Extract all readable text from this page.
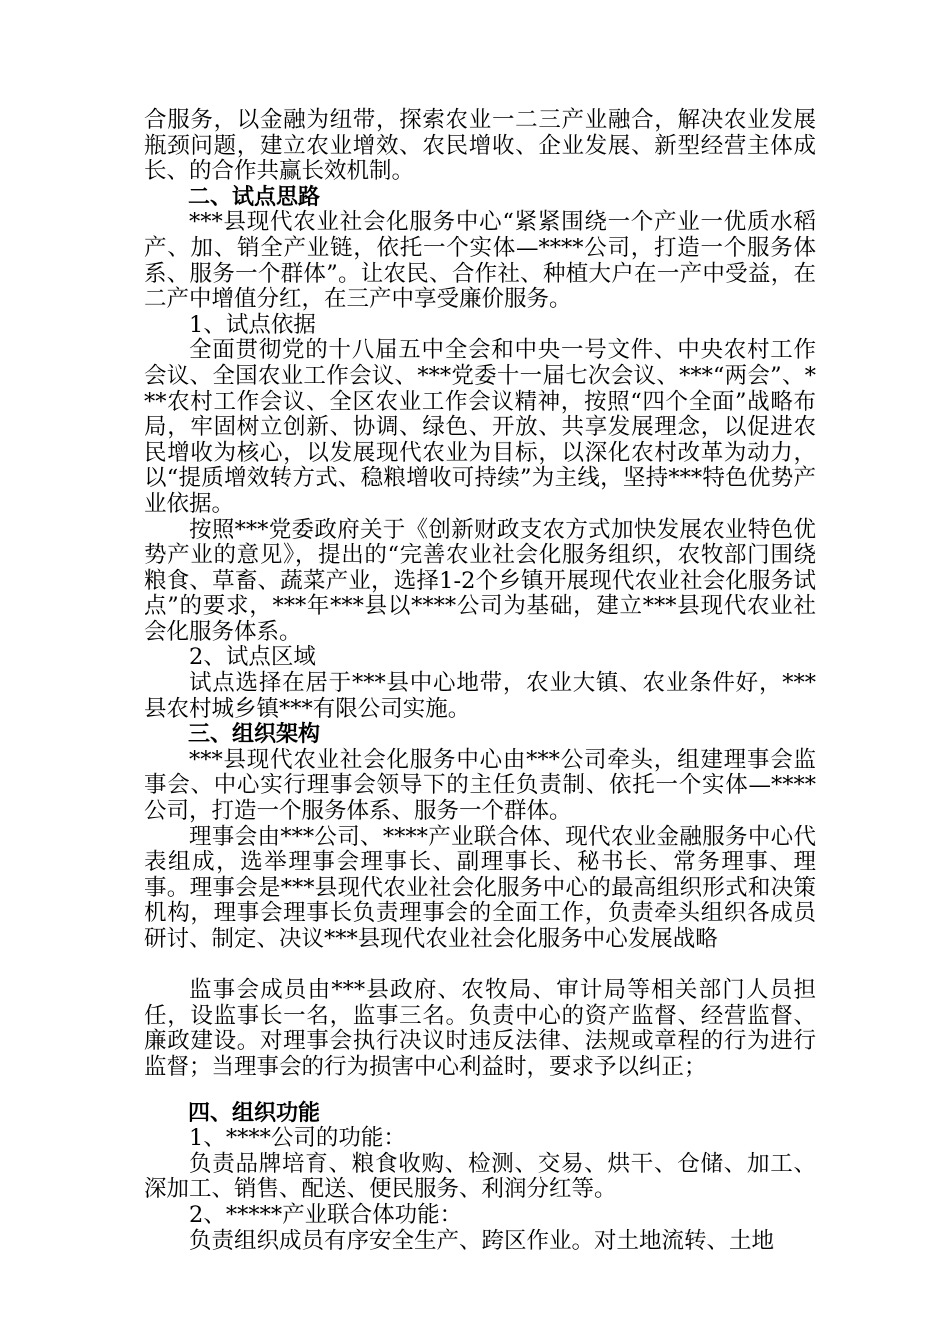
合服务，以金融为纽带，探索农业一二三产业融合，解决农业发展瓶颈问题，建立农业增效、农民增收、企业发展、新型经营主体成长、的合作共赢长效机制。

二、试点思路

***县现代农业社会化服务中心“紧紧围绕一个产业一优质水稻产、加、销全产业链，依托一个实体—****公司，打造一个服务体系、服务一个群体”。让农民、合作社、种植大户在一产中受益，在二产中增值分红，在三产中享受廉价服务。

1、试点依据

全面贯彻党的十八届五中全会和中央一号文件、中央农村工作会议、全国农业工作会议、***党委十一届七次会议、***“两会”、***农村工作会议、全区农业工作会议精神，按照“四个全面”战略布局，牢固树立创新、协调、绿色、开放、共享发展理念，以促进农民增收为核心，以发展现代农业为目标，以深化农村改革为动力，以“提质增效转方式、稳粮增收可持续”为主线，坚持***特色优势产业依据。

按照***党委政府关于《创新财政支农方式加快发展农业特色优势产业的意见》，提出的“完善农业社会化服务组织，农牧部门围绕粮食、草畜、蔬菜产业，选择1-2个乡镇开展现代农业社会化服务试点”的要求，***年***县以****公司为基础，建立***县现代农业社会化服务体系。

2、试点区域

试点选择在居于***县中心地带，农业大镇、农业条件好，***县农村城乡镇***有限公司实施。

三、组织架构

***县现代农业社会化服务中心由***公司牵头，组建理事会监事会、中心实行理事会领导下的主任负责制、依托一个实体—****公司，打造一个服务体系、服务一个群体。

理事会由***公司、****产业联合体、现代农业金融服务中心代表组成，选举理事会理事长、副理事长、秘书长、常务理事、理事。理事会是***县现代农业社会化服务中心的最高组织形式和决策机构，理事会理事长负责理事会的全面工作，负责牵头组织各成员研讨、制定、决议***县现代农业社会化服务中心发展战略

监事会成员由***县政府、农牧局、审计局等相关部门人员担任，设监事长一名，监事三名。负责中心的资产监督、经营监督、廉政建设。对理事会执行决议时违反法律、法规或章程的行为进行监督；当理事会的行为损害中心利益时，要求予以纠正；

四、组织功能

1、****公司的功能：

负责品牌培育、粮食收购、检测、交易、烘干、仓储、加工、深加工、销售、配送、便民服务、利润分红等。

2、*****产业联合体功能：

负责组织成员有序安全生产、跨区作业。对土地流转、土地
